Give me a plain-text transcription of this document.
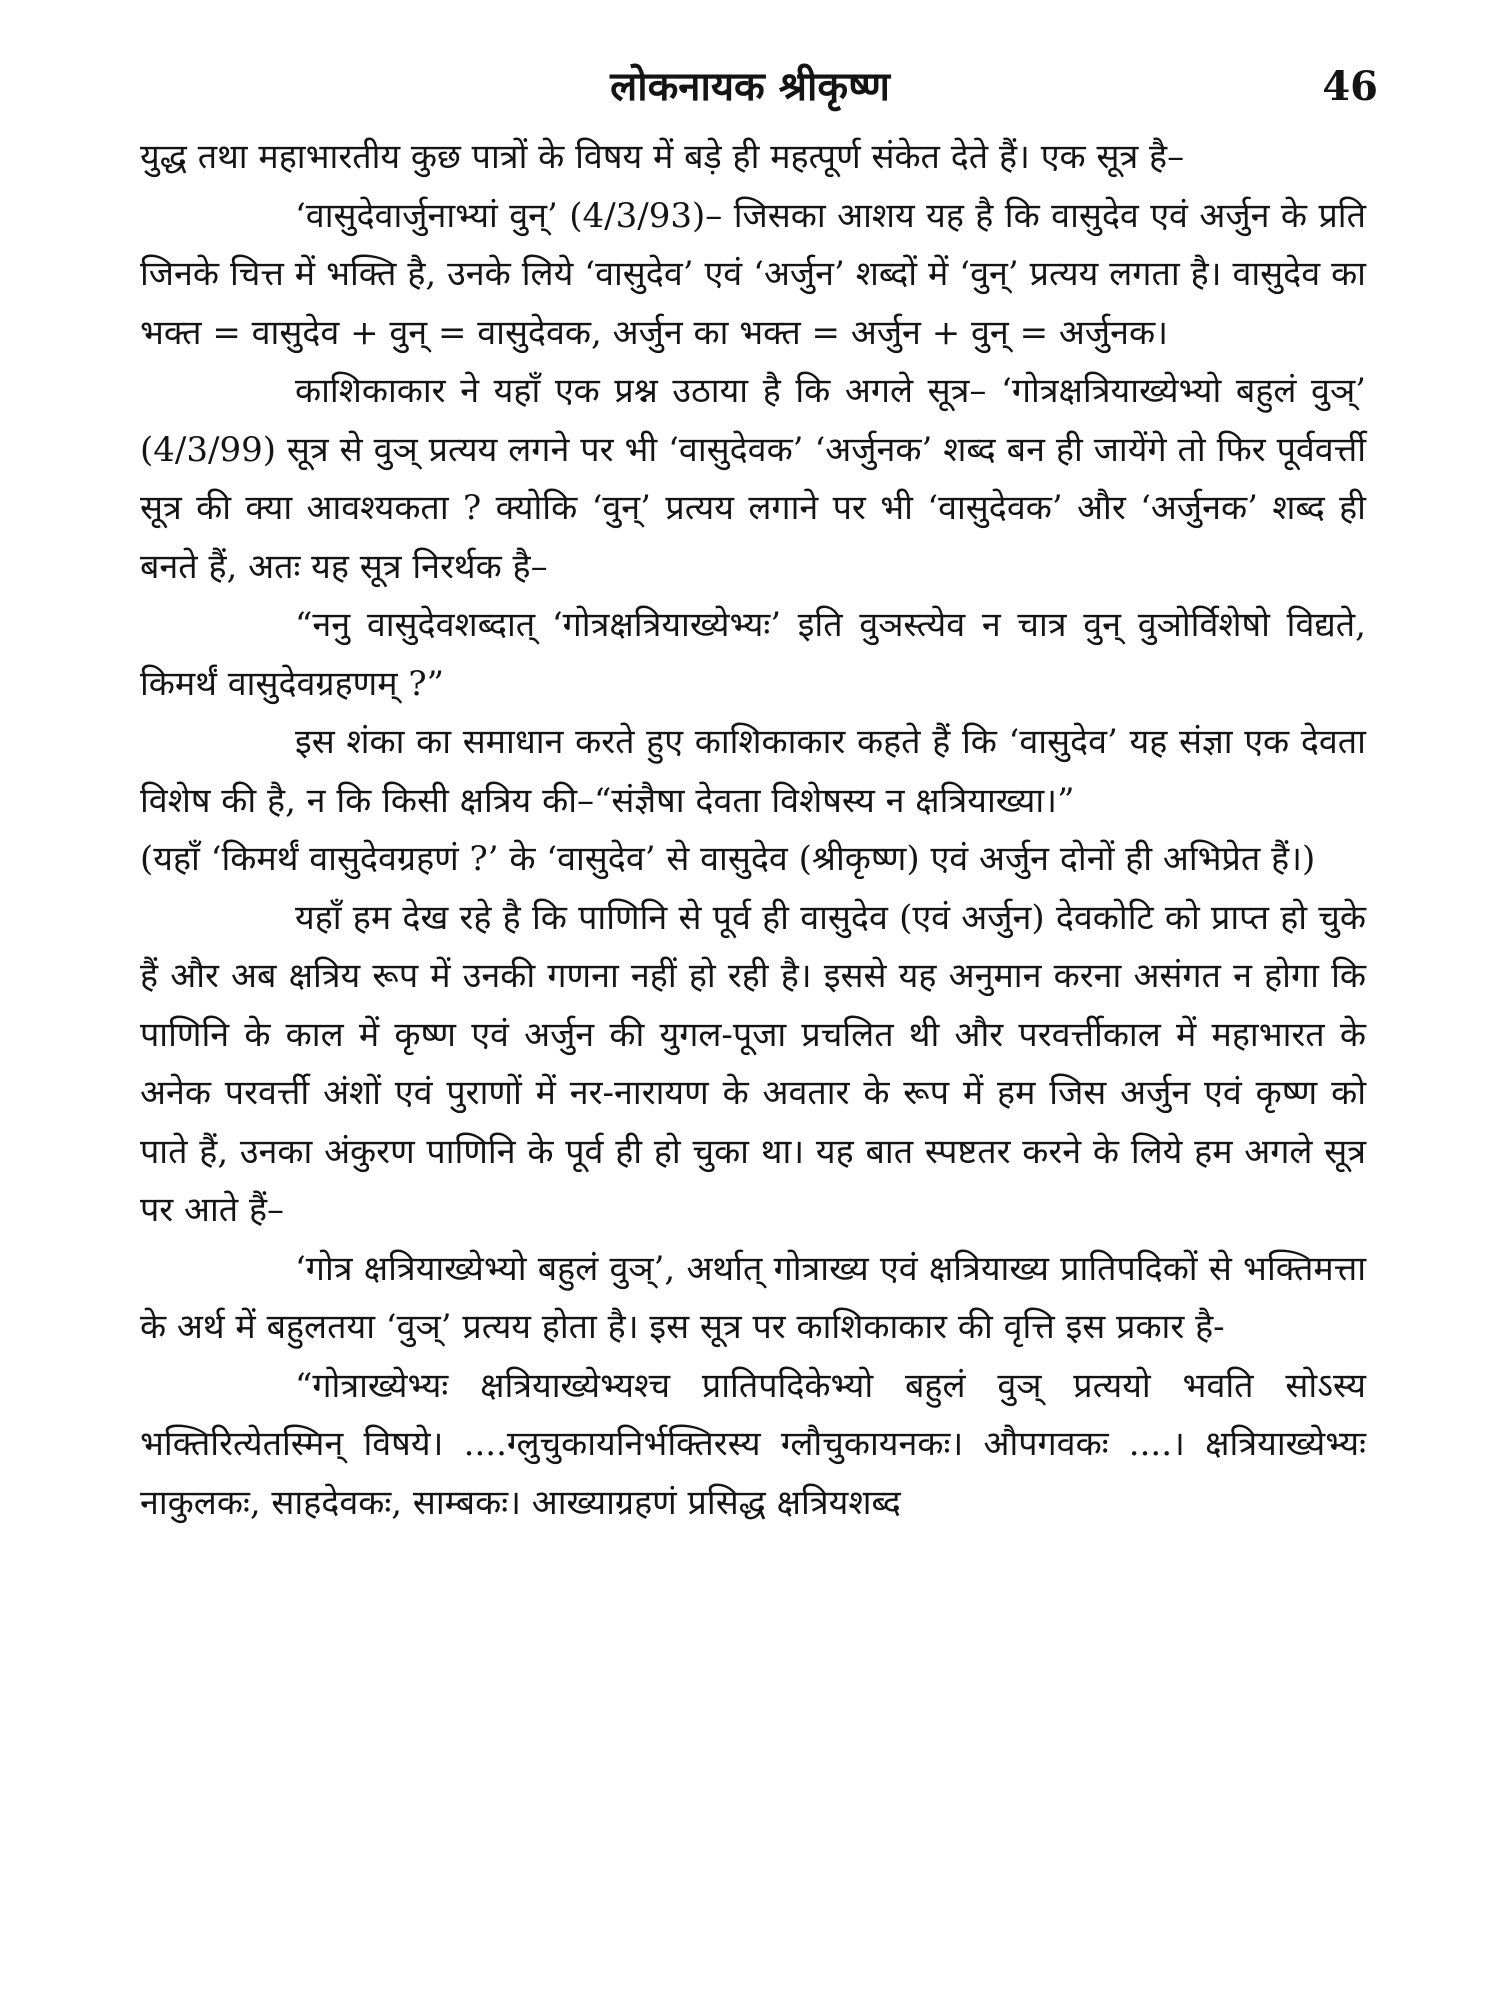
लोकनायक श्रीकृष्ण	46

युद्ध तथा महाभारतीय कुछ पात्रों के विषय में बड़े ही महत्पूर्ण संकेत देते हैं। एक सूत्र है–

‘वासुदेवार्जुनाभ्यां वुन्’ (4/3/93)– जिसका आशय यह है कि वासुदेव एवं अर्जुन के प्रति जिनके चित्त में भक्ति है, उनके लिये ‘वासुदेव’ एवं ‘अर्जुन’ शब्दों में ‘वुन्’ प्रत्यय लगता है। वासुदेव का भक्त = वासुदेव + वुन् = वासुदेवक, अर्जुन का भक्त = अर्जुन + वुन् = अर्जुनक।

काशिकाकार ने यहाँ एक प्रश्न उठाया है कि अगले सूत्र– ‘गोत्रक्षत्रियाख्येभ्यो बहुलं वुञ्’ (4/3/99) सूत्र से वुञ् प्रत्यय लगने पर भी ‘वासुदेवक’ ‘अर्जुनक’ शब्द बन ही जायेंगे तो फिर पूर्ववर्त्ती सूत्र की क्या आवश्यकता ? क्योकि ‘वुन्’ प्रत्यय लगाने पर भी ‘वासुदेवक’ और ‘अर्जुनक’ शब्द ही बनते हैं, अतः यह सूत्र निरर्थक है–

“ननु वासुदेवशब्दात् ‘गोत्रक्षत्रियाख्येभ्यः’ इति वुञस्त्येव न चात्र वुन् वुञोर्विशेषो विद्यते, किमर्थं वासुदेवग्रहणम् ?”

इस शंका का समाधान करते हुए काशिकाकार कहते हैं कि ‘वासुदेव’ यह संज्ञा एक देवता विशेष की है, न कि किसी क्षत्रिय की–“संज्ञैषा देवता विशेषस्य न क्षत्रियाख्या।”

(यहाँ ‘किमर्थं वासुदेवग्रहणं ?’ के ‘वासुदेव’ से वासुदेव (श्रीकृष्ण) एवं अर्जुन दोनों ही अभिप्रेत हैं।)

यहाँ हम देख रहे है कि पाणिनि से पूर्व ही वासुदेव (एवं अर्जुन) देवकोटि को प्राप्त हो चुके हैं और अब क्षत्रिय रूप में उनकी गणना नहीं हो रही है। इससे यह अनुमान करना असंगत न होगा कि पाणिनि के काल में कृष्ण एवं अर्जुन की युगल-पूजा प्रचलित थी और परवर्त्तीकाल में महाभारत के अनेक परवर्त्ती अंशों एवं पुराणों में नर-नारायण के अवतार के रूप में हम जिस अर्जुन एवं कृष्ण को पाते हैं, उनका अंकुरण पाणिनि के पूर्व ही हो चुका था। यह बात स्पष्टतर करने के लिये हम अगले सूत्र पर आते हैं–

‘गोत्र क्षत्रियाख्येभ्यो बहुलं वुञ्’, अर्थात् गोत्राख्य एवं क्षत्रियाख्य प्रातिपदिकों से भक्तिमत्ता के अर्थ में बहुलतया ‘वुञ्’ प्रत्यय होता है। इस सूत्र पर काशिकाकार की वृत्ति इस प्रकार है-

“गोत्राख्येभ्यः क्षत्रियाख्येभ्यश्च प्रातिपदिकेभ्यो बहुलं वुञ् प्रत्ययो भवति सोऽस्य भक्तिरित्येतस्मिन् विषये। ....ग्लुचुकायनिर्भक्तिरस्य ग्लौचुकायनकः। औपगवकः ....। क्षत्रियाख्येभ्यः नाकुलकः, साहदेवकः, साम्बकः। आख्याग्रहणं प्रसिद्ध क्षत्रियशब्द
